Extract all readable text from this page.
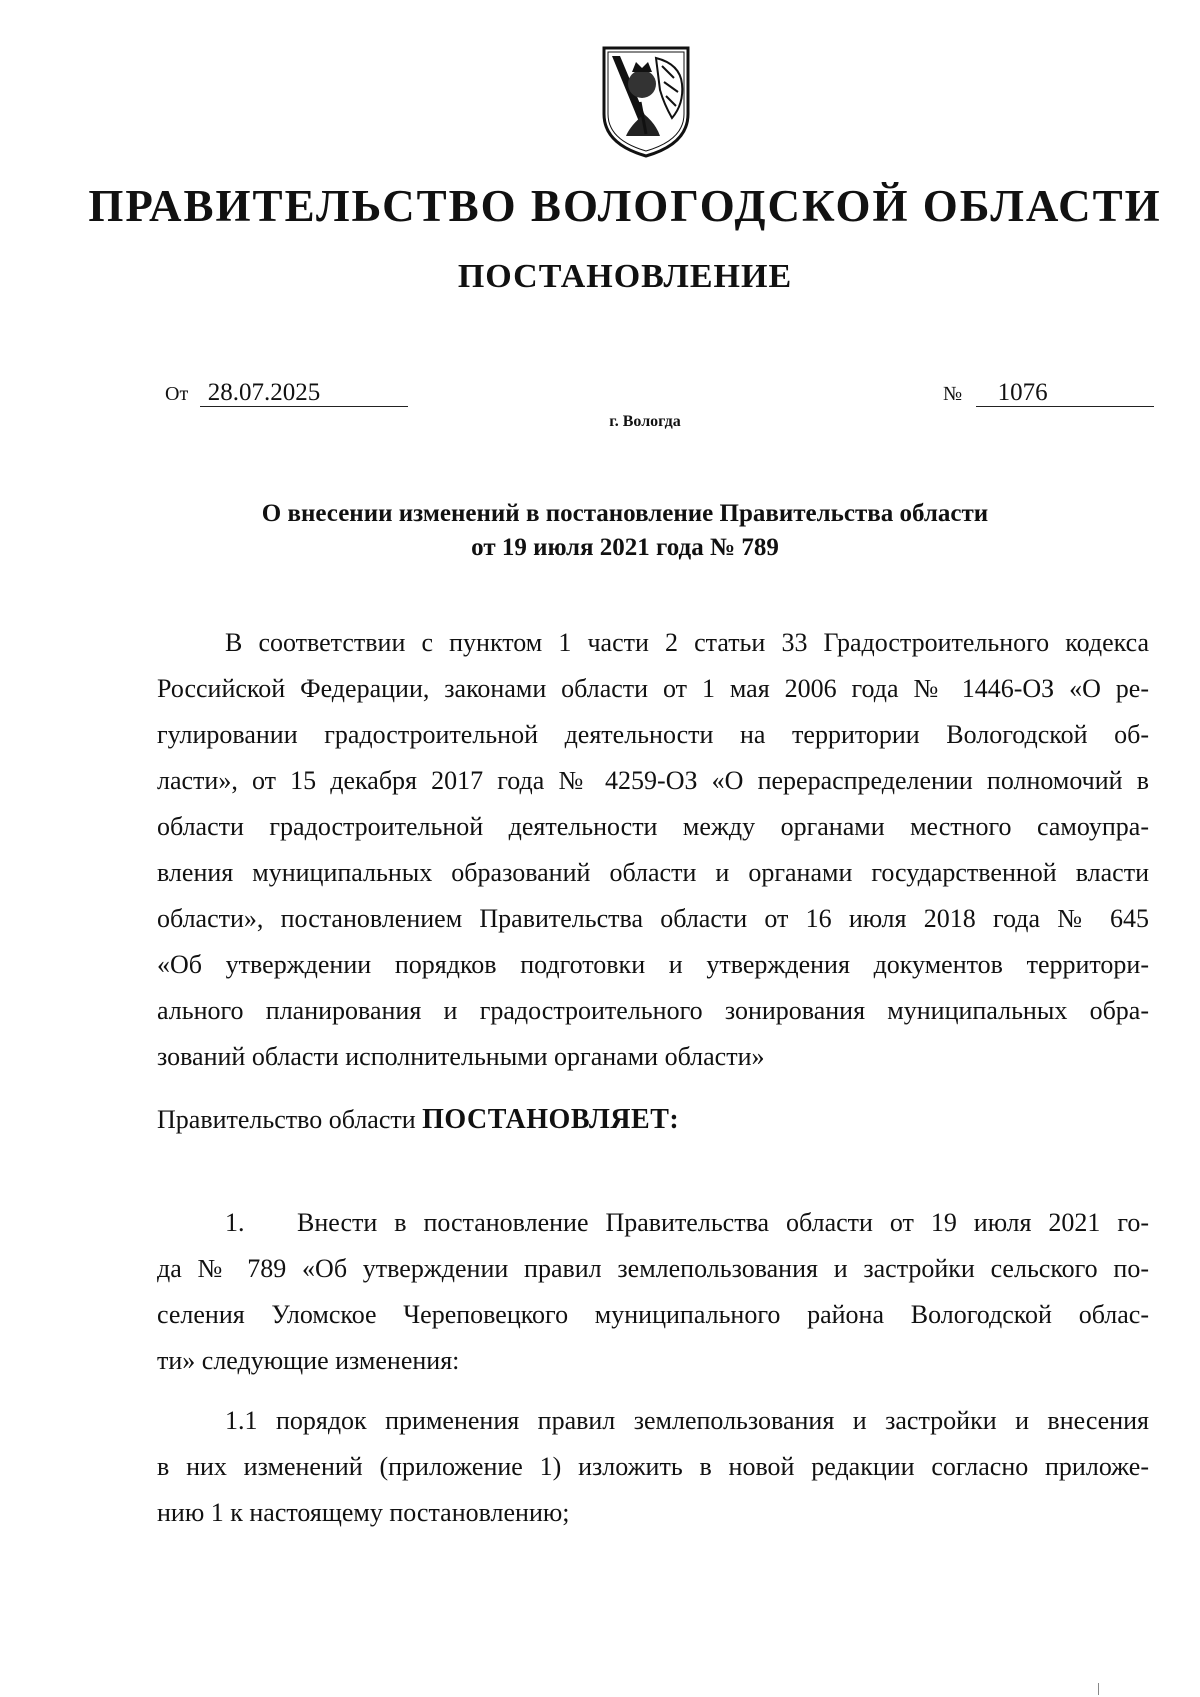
ПРАВИТЕЛЬСТВО ВОЛОГОДСКОЙ ОБЛАСТИ
ПОСТАНОВЛЕНИЕ
От 28.07.2025	№ 1076
г. Вологда
О внесении изменений в постановление Правительства области
от 19 июля 2021 года № 789
В соответствии с пунктом 1 части 2 статьи 33 Градостроительного кодекса
Российской Федерации, законами области от 1 мая 2006 года № 1446-ОЗ «О ре-
гулировании градостроительной деятельности на территории Вологодской об-
ласти», от 15 декабря 2017 года № 4259-ОЗ «О перераспределении полномочий в
области градостроительной деятельности между органами местного самоупра-
вления муниципальных образований области и органами государственной власти
области», постановлением Правительства области от 16 июля 2018 года № 645
«Об утверждении порядков подготовки и утверждения документов территори-
ального планирования и градостроительного зонирования муниципальных обра-
зований области исполнительными органами области»
Правительство области ПОСТАНОВЛЯЕТ:
1. Внести в постановление Правительства области от 19 июля 2021 го-
да № 789 «Об утверждении правил землепользования и застройки сельского по-
селения Уломское Череповецкого муниципального района Вологодской облас-
ти» следующие изменения:
1.1 порядок применения правил землепользования и застройки и внесения
в них изменений (приложение 1) изложить в новой редакции согласно приложе-
нию 1 к настоящему постановлению;
